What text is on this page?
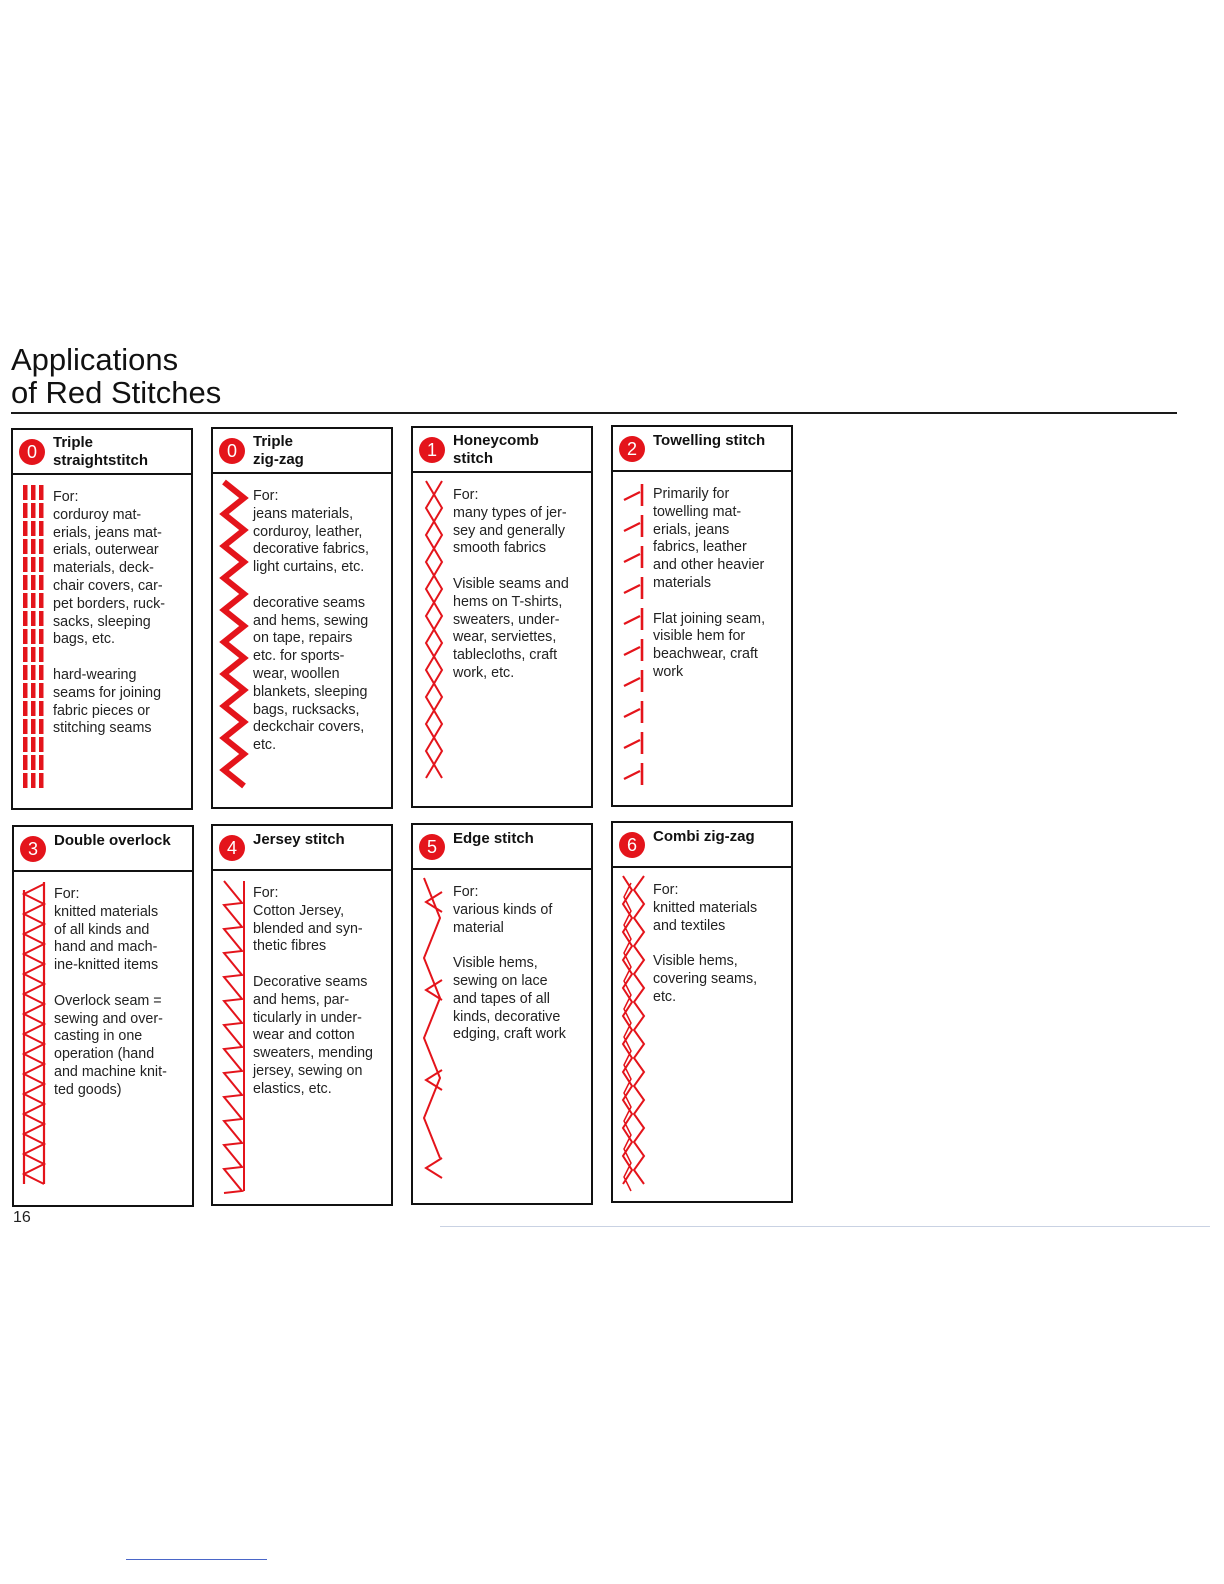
Applications
of Red Stitches
0	Triple
straightstitch
For:
corduroy mat-
erials, jeans mat-
erials, outerwear
materials, deck-
chair covers, car-
pet borders, ruck-
sacks, sleeping
bags, etc.

hard-wearing
seams for joining
fabric pieces or
stitching seams
0	Triple
zig-zag
For:
jeans materials,
corduroy, leather,
decorative fabrics,
light curtains, etc.

decorative seams
and hems, sewing
on tape, repairs
etc. for sports-
wear, woollen
blankets, sleeping
bags, rucksacks,
deckchair covers,
etc.
1	Honeycomb
stitch
For:
many types of jer-
sey and generally
smooth fabrics

Visible seams and
hems on T-shirts,
sweaters, under-
wear, serviettes,
tablecloths, craft
work, etc.
2	Towelling stitch
Primarily for
towelling mat-
erials, jeans
fabrics, leather
and other heavier
materials

Flat joining seam,
visible hem for
beachwear, craft
work
3	Double overlock
For:
knitted materials
of all kinds and
hand and mach-
ine-knitted items

Overlock seam =
sewing and over-
casting in one
operation (hand
and machine knit-
ted goods)
4	Jersey stitch
For:
Cotton Jersey,
blended and syn-
thetic fibres

Decorative seams
and hems, par-
ticularly in under-
wear and cotton
sweaters, mending
jersey, sewing on
elastics, etc.
5	Edge stitch
For:
various kinds of
material

Visible hems,
sewing on lace
and tapes of all
kinds, decorative
edging, craft work
6	Combi zig-zag
For:
knitted materials
and textiles

Visible hems,
covering seams,
etc.
16
